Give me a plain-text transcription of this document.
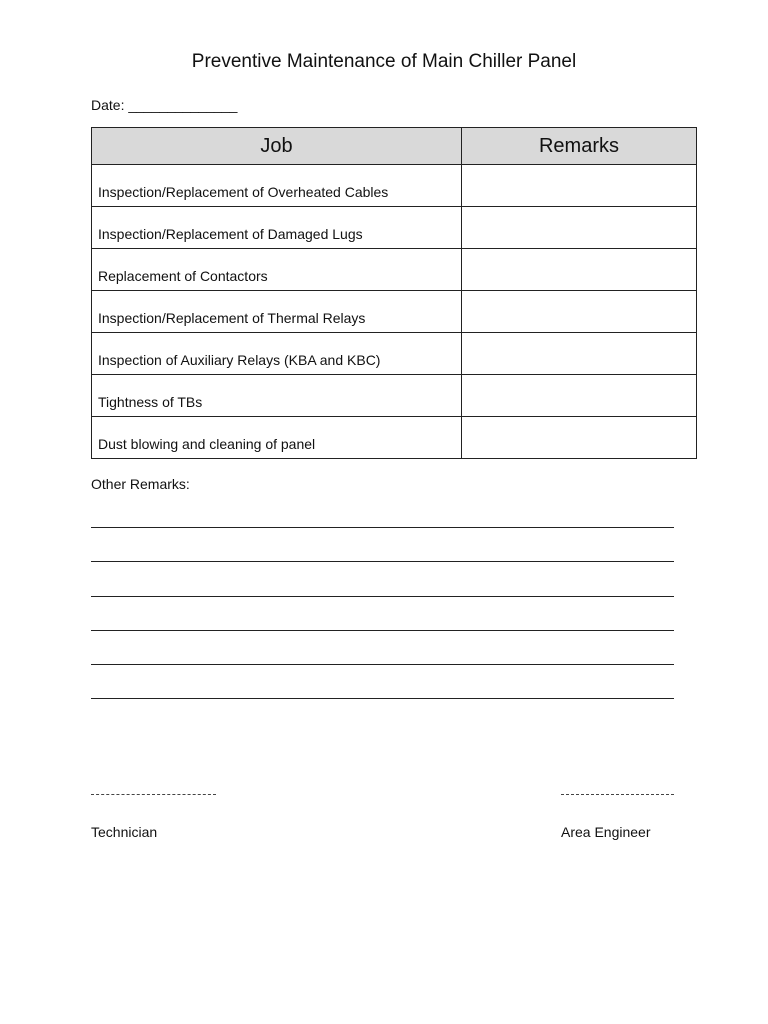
Preventive Maintenance of Main Chiller Panel
Date: ______________
Job	Remarks
Inspection/Replacement of Overheated Cables	
Inspection/Replacement of Damaged Lugs	
Replacement of Contactors	
Inspection/Replacement of Thermal Relays	
Inspection of Auxiliary Relays (KBA and KBC)	
Tightness of TBs	
Dust blowing and cleaning of panel	
Other Remarks:
Technician	Area Engineer
